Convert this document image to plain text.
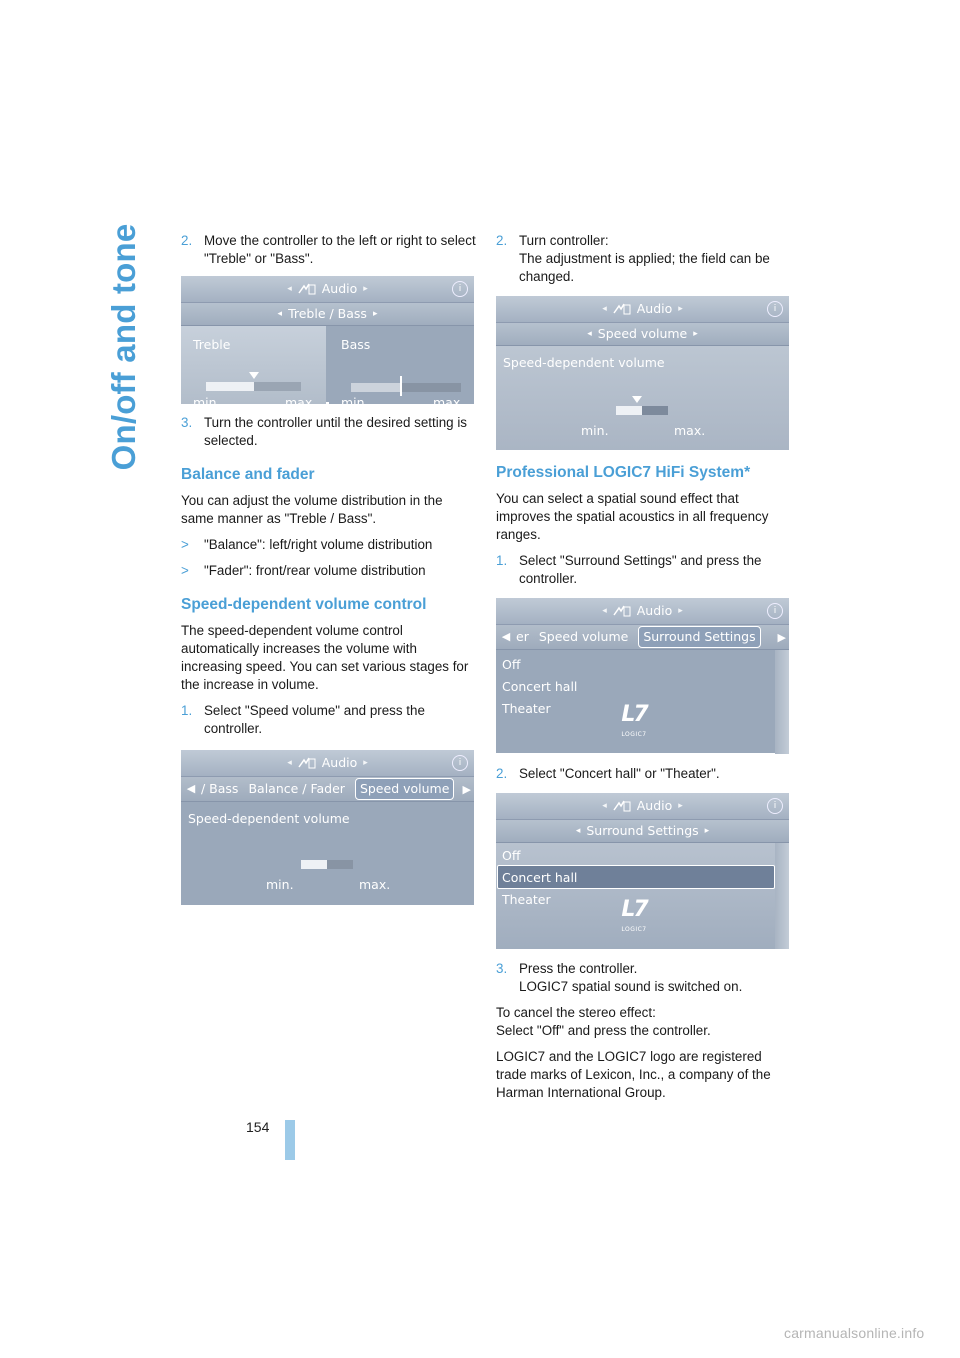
On/off and tone	2. Move the controller to the left or right to select "Treble" or "Bass".
◂ Audio ▸	i
◂ Treble / Bass ▸
Treble	Bass
min.	max. min.	max.
3. Turn the controller until the desired setting is selected.
Balance and fader

You can adjust the volume distribution in the same manner as "Treble / Bass".

> "Balance": left/right volume distribution
> "Fader": front/rear volume distribution
Speed-dependent volume control

The speed-dependent volume control automatically increases the volume with increasing speed. You can set various stages for the increase in volume.

1. Select "Speed volume" and press the controller.
◂ Audio ▸	i
◀ / Bass Balance / Fader	Speed volume	▶
Speed-dependent volume
min.	max.
2. Turn controller:
The adjustment is applied; the field can be changed.
◂ Audio ▸	i
◂ Speed volume ▸
Speed-dependent volume
min.	max.
Professional LOGIC7 HiFi System*

You can select a spatial sound effect that improves the spatial acoustics in all frequency ranges.

1. Select "Surround Settings" and press the controller.
◂ Audio ▸	i
◀ er Speed volume	Surround Settings	▶
Off
Concert hall
Theater	L7
LOGIC7
2. Select "Concert hall" or "Theater".
◂ Audio ▸	i
◂ Surround Settings ▸
Off
Concert hall
Theater	L7
LOGIC7
3. Press the controller.
LOGIC7 spatial sound is switched on.

To cancel the stereo effect:
Select "Off" and press the controller.

LOGIC7 and the LOGIC7 logo are registered trade marks of Lexicon, Inc., a company of the Harman International Group.

154
carmanualsonline.info
